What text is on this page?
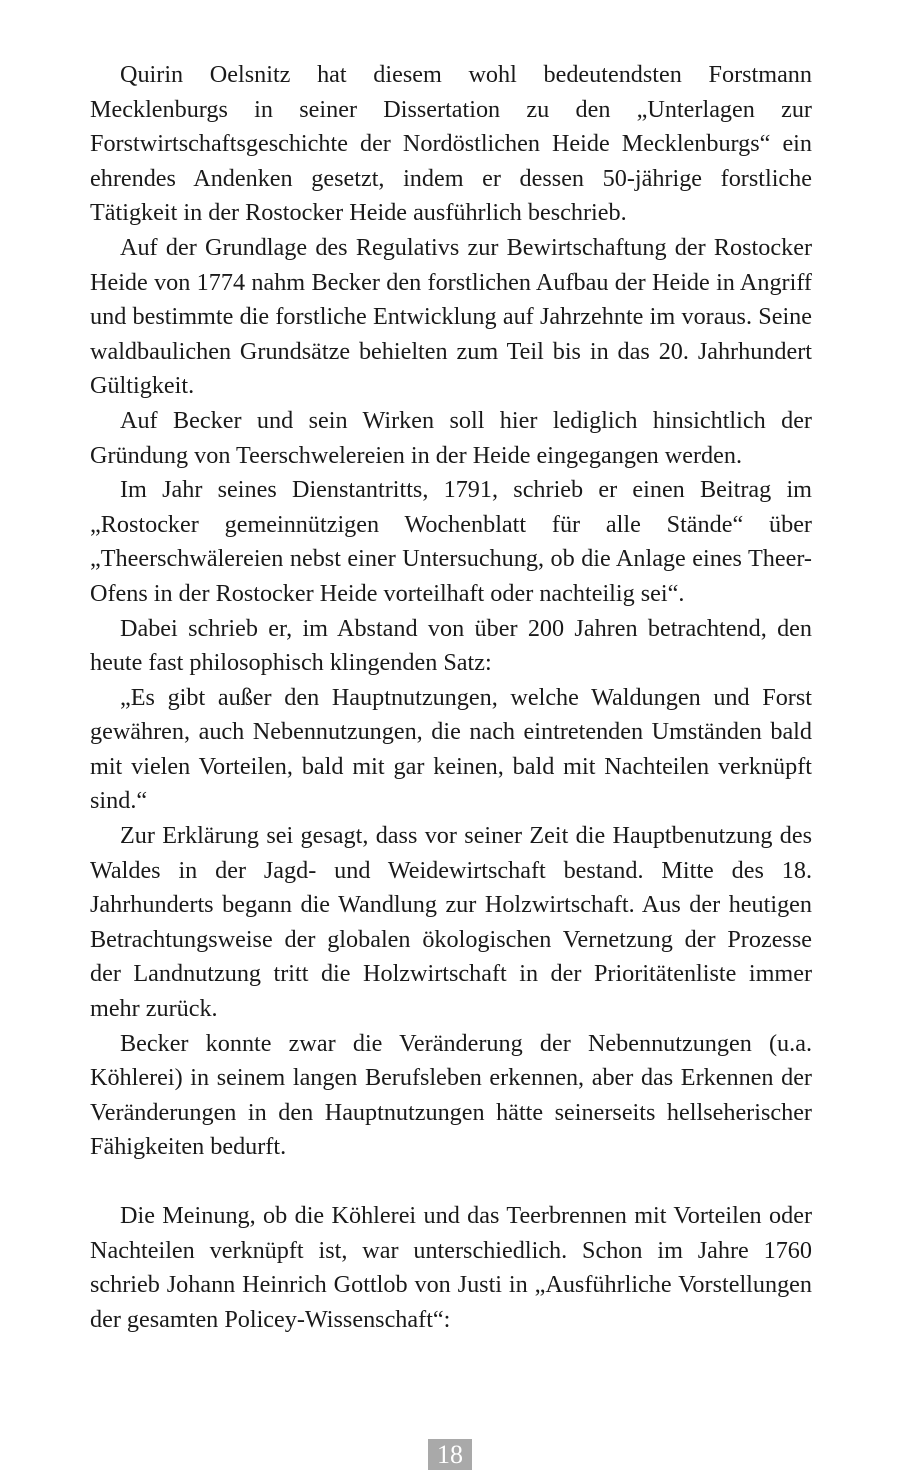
Quirin Oelsnitz hat diesem wohl bedeutendsten Forstmann Mecklenburgs in seiner Dissertation zu den „Unterlagen zur Forstwirtschaftsgeschichte der Nordöstlichen Heide Mecklenburgs“ ein ehrendes Andenken gesetzt, indem er dessen 50-jährige forstliche Tätigkeit in der Rostocker Heide ausführlich beschrieb.

Auf der Grundlage des Regulativs zur Bewirtschaftung der Rostocker Heide von 1774 nahm Becker den forstlichen Aufbau der Heide in Angriff und bestimmte die forstliche Entwicklung auf Jahrzehnte im voraus. Seine waldbaulichen Grundsätze behielten zum Teil bis in das 20. Jahrhundert Gültigkeit.

Auf Becker und sein Wirken soll hier lediglich hinsichtlich der Gründung von Teerschwelereien in der Heide eingegangen werden.

Im Jahr seines Dienstantritts, 1791, schrieb er einen Beitrag im „Rostocker gemeinnützigen Wochenblatt für alle Stände“ über „Theerschwälereien nebst einer Untersuchung, ob die Anlage eines Theer-Ofens in der Rostocker Heide vorteilhaft oder nachteilig sei“.

Dabei schrieb er, im Abstand von über 200 Jahren betrachtend, den heute fast philosophisch klingenden Satz:

„Es gibt außer den Hauptnutzungen, welche Waldungen und Forst gewähren, auch Nebennutzungen, die nach eintretenden Umständen bald mit vielen Vorteilen, bald mit gar keinen, bald mit Nachteilen verknüpft sind.“

Zur Erklärung sei gesagt, dass vor seiner Zeit die Hauptbenutzung des Waldes in der Jagd- und Weidewirtschaft bestand. Mitte des 18. Jahrhunderts begann die Wandlung zur Holzwirtschaft. Aus der heutigen Betrachtungsweise der globalen ökologischen Vernetzung der Prozesse der Landnutzung tritt die Holzwirtschaft in der Prioritätenliste immer mehr zurück.

Becker konnte zwar die Veränderung der Nebennutzungen (u.a. Köhlerei) in seinem langen Berufsleben erkennen, aber das Erkennen der Veränderungen in den Hauptnutzungen hätte seinerseits hellseherischer Fähigkeiten bedurft.

Die Meinung, ob die Köhlerei und das Teerbrennen mit Vorteilen oder Nachteilen verknüpft ist, war unterschiedlich. Schon im Jahre 1760 schrieb Johann Heinrich Gottlob von Justi in „Ausführliche Vorstellungen der gesamten Policey-Wissenschaft“:

18
